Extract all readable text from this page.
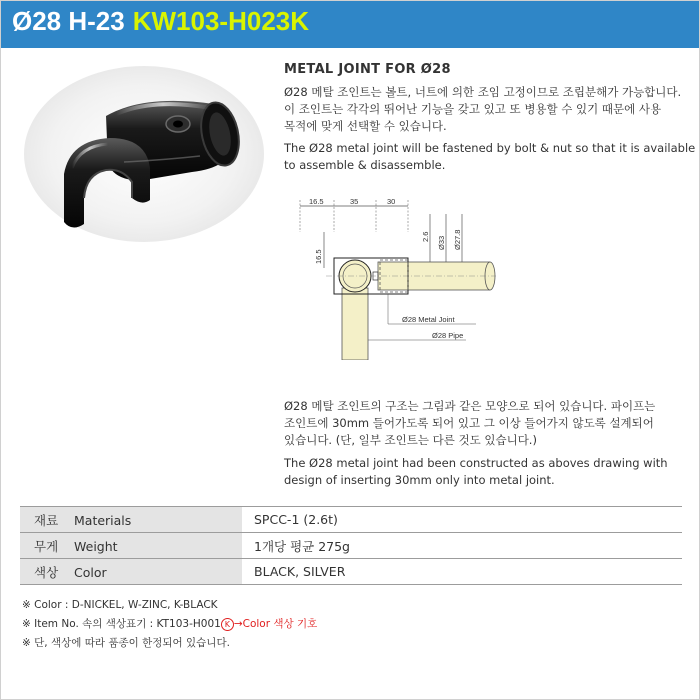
Ø28 H-23 KW103-H023K
METAL JOINT FOR Ø28
Ø28 메탈 조인트는 볼트, 너트에 의한 조임 고정이므로 조립분해가 가능합니다.
이 조인트는 각각의 뛰어난 기능을 갖고 있고 또 병용할 수 있기 때문에 사용
목적에 맞게 선택할 수 있습니다.
The Ø28 metal joint will be fastened by bolt & nut so that it is available
to assemble & disassemble.
16.5	35	30
16.5
2.6 Ø33 Ø27.8
Ø28 Metal Joint
Ø28 Pipe
Ø28 메탈 조인트의 구조는 그림과 같은 모양으로 되어 있습니다. 파이프는
조인트에 30mm 들어가도록 되어 있고 그 이상 들어가지 않도록 설계되어
있습니다. (단, 일부 조인트는 다른 것도 있습니다.)
The Ø28 metal joint had been constructed as aboves drawing with
design of inserting 30mm only into metal joint.
재료 Materials	SPCC-1 (2.6t)
무게 Weight	1개당 평균 275g
색상 Color	BLACK, SILVER
※ Color : D-NICKEL, W-ZINC, K-BLACK
※ Item No. 속의 색상표기 : KT103-H001 K →Color 색상 기호
※ 단, 색상에 따라 품종이 한정되어 있습니다.
